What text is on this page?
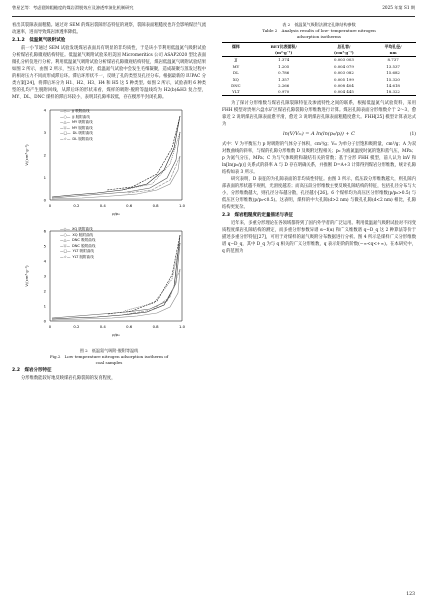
曾星艺等：考虑裂隙粗糙度的煤岩滑脱效应及渗透率演化机制研究	2025 年第 S1 期

看出其裂隙表面粗糙。通过对 SEM 的煤岩裂隙形态特征的观察，裂隙表面粗糙度也许会影响煤层气流动速率，进而导致煤岩渗透率降低。

2.1.2　低温氮气吸附试验

前一小节通过 SEM 试验发现煤岩表面具有明显的非均质性，于是该小节利用低温氮气吸附试验分析煤岩孔隙微观结构特征。低温氮气吸附试验采用美国 Micromeritics 公司 ASAP2020 型比表面微孔分析仪进行分析。利用低温氮气吸附试验分析煤岩孔隙微观结构特征，煤岩低温氮气吸附试验结果如图 2 所示，由图 2 所示，当压力较大时，低温氮气试验中会发生毛细凝聚，造成凝聚与蒸发过程中的相对压力不同而形成滞后环。滞后环形状不一，反映了孔的类型及孔径分布。根据最新的 IUPAC 分类方案[24]，将滞后环分为 H1、H2、H3、H4 和 H5 这 5 种类型。如图 2 所示，试验表明 6 种类型的孔均产生脱附回线，从滞后环的形状来看，煤样的吸附-脱附等温线均为 H2(b)&H3 复合型，MY、DL、DNC 煤样的滞后环较小，表明其孔隙率较低，存在楔形半封闭孔隙。

0
1
2
3
4
0	0.2	0.4	0.6	0.8	1.0
p/p₀
V/(cm³·g⁻¹)

—◇— JJ 吸附曲线
—○— JJ 脱附曲线
—△— MY 吸附曲线
—▽— MY 脱附曲线
—□— DL 吸附曲线
—☆— DL 脱附曲线
0
1
2
3
4
5
6
0	0.2	0.4	0.6	0.8	1.0
p/p₀
V/(cm³·g⁻¹)
—◇— XQ 吸附曲线
—○— XQ 脱附曲线
—△— DNC 吸附曲线
—▽— DNC 脱附曲线
—□— YLT 吸附曲线
—☆— YLT 脱附曲线
图 2　低温氮气吸附-脱附等温线
Fig.2　Low temperature nitrogen adsorption isotherm of
coal samples
2.2　煤岩分形特征

分形维数能较好地反映煤岩孔隙裂隙的发育程度，

表 2　低温氮气吸附法测定孔隙结构参数
Table 2　Analysis results of low- temperature nitrogen
adsorption isotherms
煤样	BET比表面积/	总孔容/	平均孔径/
	(m²·g⁻¹)	(cm³·g⁻¹)	nm
JJ	1.374	0.003 003	8.737
MY	1.205	0.004 079	13.537
DL	0.786	0.003 082	15.682
XQ	1.357	0.005 199	15.320
DNC	2.266	0.008 404	14.618
YLT	0.970	0.004 445	18.322

为了探讨分形维数与煤岩孔隙裂隙特征及渗流特性之间的联系，根据低温氮气试验资料，采用 FHH 模型对贵州六盘水矿区煤岩孔隙裂隙分形维数进行计算。煤岩孔隙表面分形维数介于 2～3，愈靠近 2 说明煤岩孔隙表面愈平滑，愈近 3 说明煤岩孔隙表面粗糙度愈大。FHH[25] 模型计算表达式为

ln(V/Vₘ) = A ln(ln(p₀/p)) + C	(1)

式中：V 为平衡压力 p 时吸附的气体分子体积，cm³/g；Vₘ 为单分子层饱和吸附量，cm³/g；A 为双对数曲线的斜率，与煤的孔隙分形维数 D 及吸附过程相关；p₀ 为液氮温度时氮的饱和蒸气压，MPa；p 为氮气分压，MPa；C 为与气体吸附和凝结有关的常数；基于分形 FHH 模型，前人认为 lnV 和 ln[ln(p₀/p)] 关系式的斜率 A 与 D 存在明确关系，并推断 D=A+3 计算得到煤岩分形维数，统计孔隙结构如表 3 所示。

研究表明，D 表征的为孔隙表面的非均质性特征。由图 3 所示，低压段分形维数越大，则孔隙内部表面的形状越不规则，光滑度越差；而高压段分形维数主要反映孔隙结构的特征，包括孔径分布与大小，分形维数越大，则孔径分布越分散，孔径越小[26]。6 个煤样均为高压区分形维数(p/p₀>0.5) 与低压区分形维数(p/p₀<0.5)。这表明，煤样的中大孔隙(d>2 nm) 与微孔孔隙(d<2 nm) 相比，孔隙结构更复杂。

2.3　煤岩粗糙度的定量描述与表征

近年来，多重分形理论在各领域都得到了国内外学者的广泛运用。利用低温氮气吸附试验对不同变质程度煤岩孔隙结构的测定，而多重分形参数异谱 α−f(α) 和广义维数谱 q−D_q 这 2 种算法等价于描述多重分形特征[27]，可用于对煤样的氮气吸附分布数据进行分析。图 4 所示是煤样广义分形维数谱 q−D_q，其中 D_q 为与 q 相关的广义分形维数，q 表示矩阶的阶数(−∞<q<+∞)。在本研究中，q 的范围为

123
